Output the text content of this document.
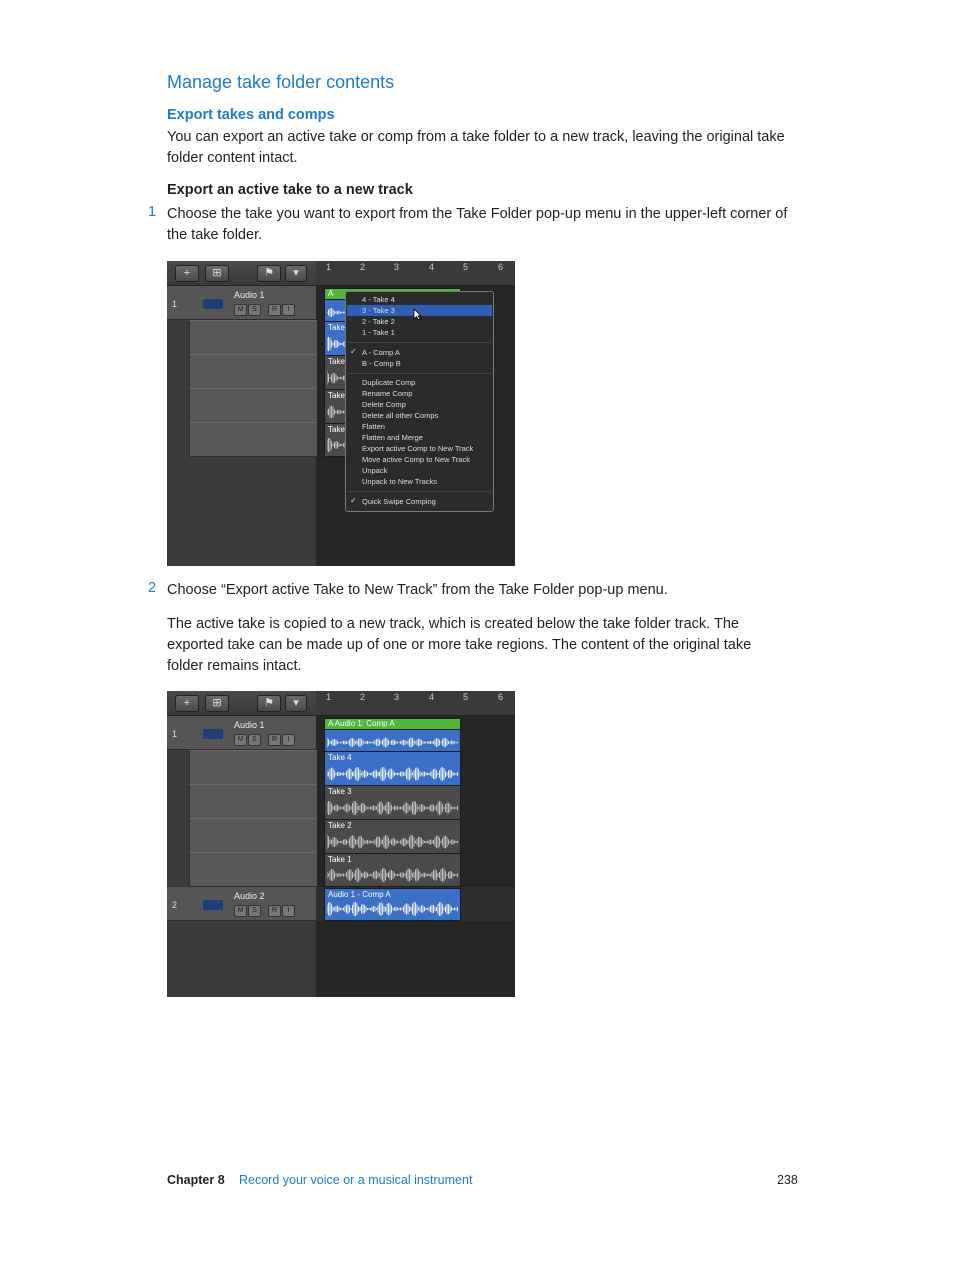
Manage take folder contents
Export takes and comps

You can export an active take or comp from a take folder to a new track, leaving the original take folder content intact.

Export an active take to a new track

1 Choose the take you want to export from the Take Folder pop-up menu in the upper-left corner of the take folder.

+	⊞	⚑	▾	1	2	3	4	5	6
1
Audio 1
M	S	R	I
A
Take
Take
Take
Take
4 - Take 4
3 - Take 3
2 - Take 2
1 - Take 1
✓ A - Comp A
B - Comp B
Duplicate Comp
Rename Comp
Delete Comp
Delete all other Comps
Flatten
Flatten and Merge
Export active Comp to New Track
Move active Comp to New Track
Unpack
Unpack to New Tracks
✓ Quick Swipe Comping
2 Choose “Export active Take to New Track” from the Take Folder pop-up menu.

The active take is copied to a new track, which is created below the take folder track. The exported take can be made up of one or more take regions. The content of the original take folder remains intact.

+	⊞	⚑	▾	1	2	3	4	5	6
1
Audio 1
M	S	R	I
2
Audio 2
M	S	R	I
A Audio 1: Comp A
Take 4
Take 3
Take 2
Take 1
Audio 1 - Comp A
Chapter 8 Record your voice or a musical instrument	238
